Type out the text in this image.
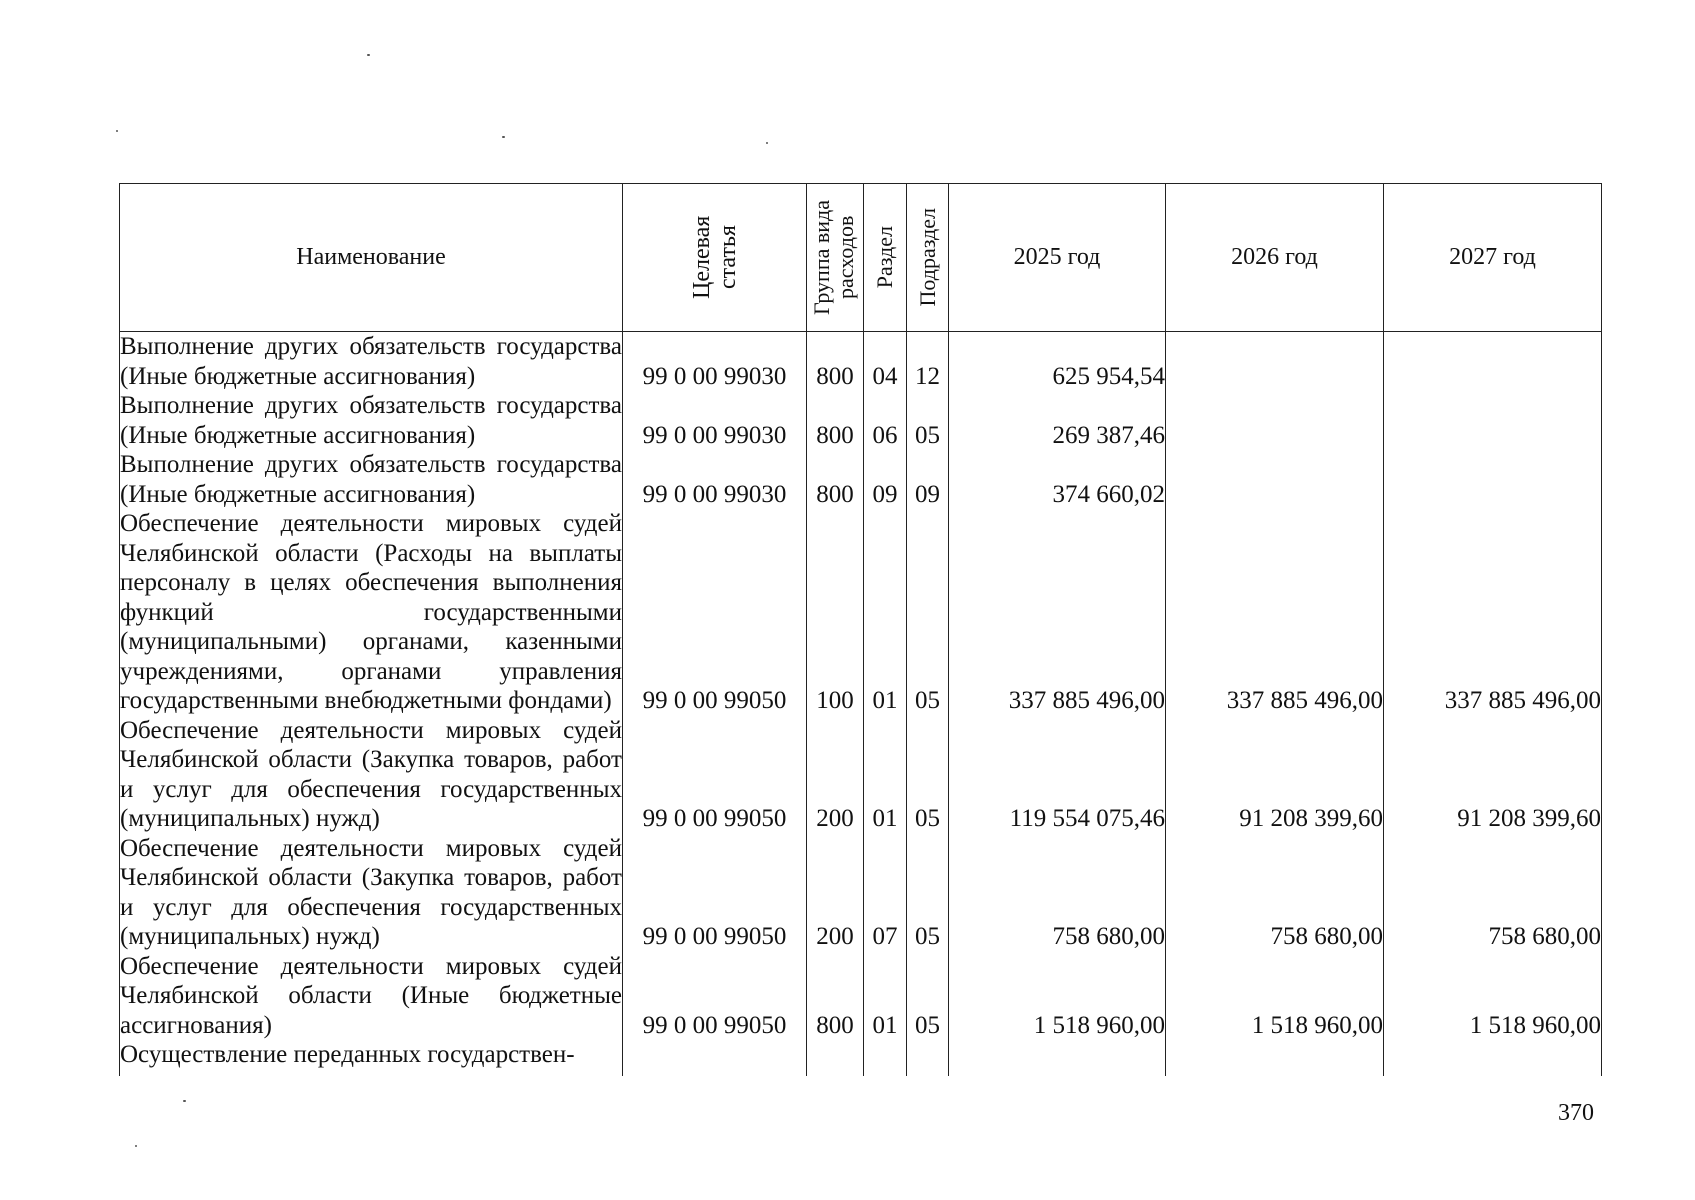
Наименование	Целевая статья	Группа вида расходов	Раздел	Подраздел	2025 год	2026 год	2027 год
Выполнение других обязательств государства (Иные бюджетные ассигнования)	99 0 00 99030	800	04	12	625 954,54		
Выполнение других обязательств государства (Иные бюджетные ассигнования)	99 0 00 99030	800	06	05	269 387,46		
Выполнение других обязательств государства (Иные бюджетные ассигнования)	99 0 00 99030	800	09	09	374 660,02		
Обеспечение деятельности мировых судей Челябинской области (Расходы на выплаты персоналу в целях обеспечения выполнения функций государственными (муниципальными) органами, казенными учреждениями, органами управления государственными внебюджетными фондами)	99 0 00 99050	100	01	05	337 885 496,00	337 885 496,00	337 885 496,00
Обеспечение деятельности мировых судей Челябинской области (Закупка товаров, работ и услуг для обеспечения государственных (муниципальных) нужд)	99 0 00 99050	200	01	05	119 554 075,46	91 208 399,60	91 208 399,60
Обеспечение деятельности мировых судей Челябинской области (Закупка товаров, работ и услуг для обеспечения государственных (муниципальных) нужд)	99 0 00 99050	200	07	05	758 680,00	758 680,00	758 680,00
Обеспечение деятельности мировых судей Челябинской области (Иные бюджетные ассигнования)	99 0 00 99050	800	01	05	1 518 960,00	1 518 960,00	1 518 960,00
Осуществление переданных государствен-							

370
